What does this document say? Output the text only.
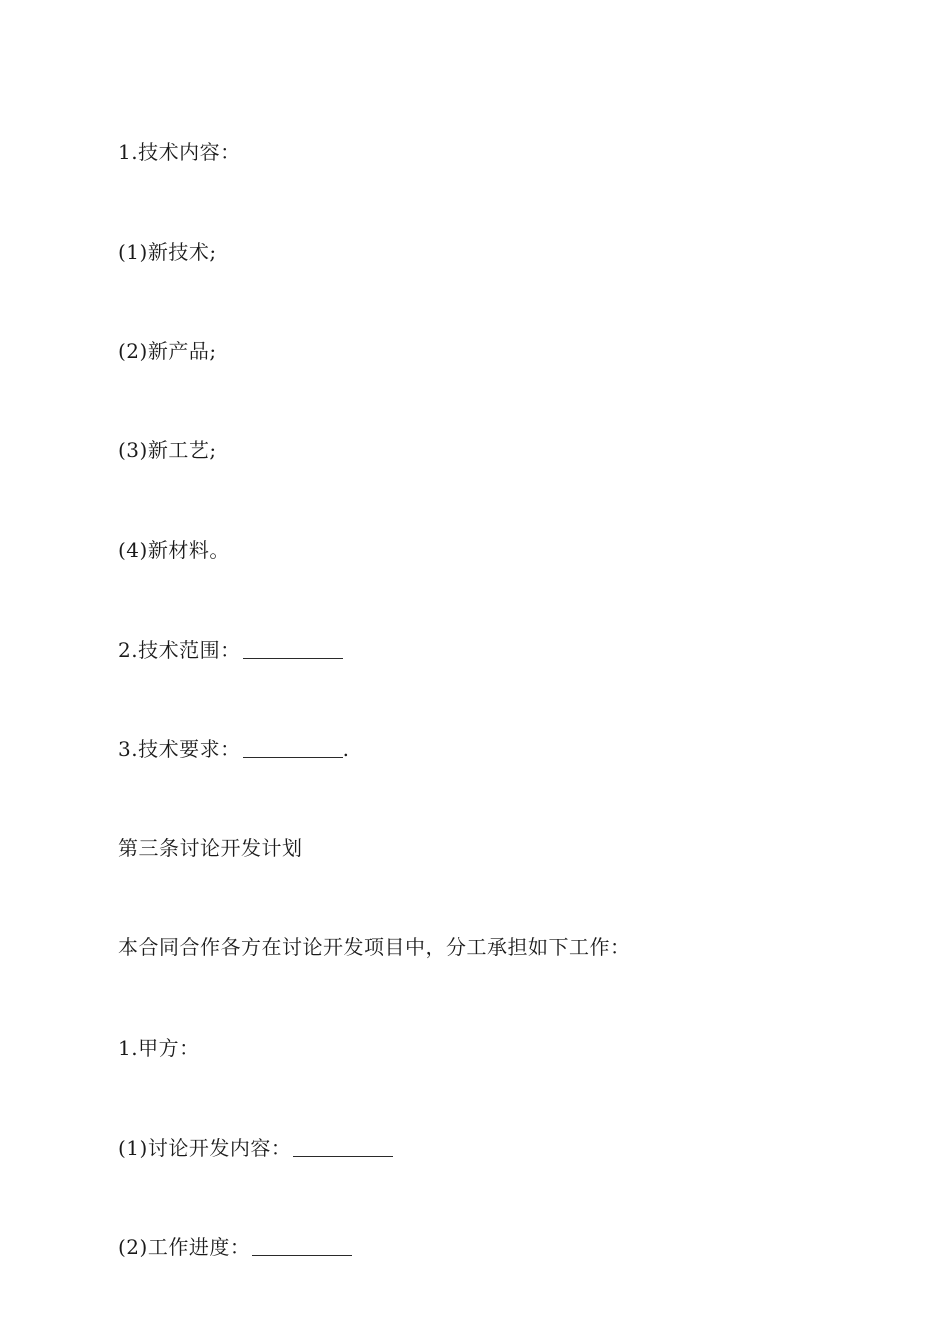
1.技术内容：
(1)新技术;
(2)新产品;
(3)新工艺;
(4)新材料。
2.技术范围：
3.技术要求：	.
第三条讨论开发计划
本合同合作各方在讨论开发项目中，分工承担如下工作：
1.甲方：
(1)讨论开发内容：
(2)工作进度：
